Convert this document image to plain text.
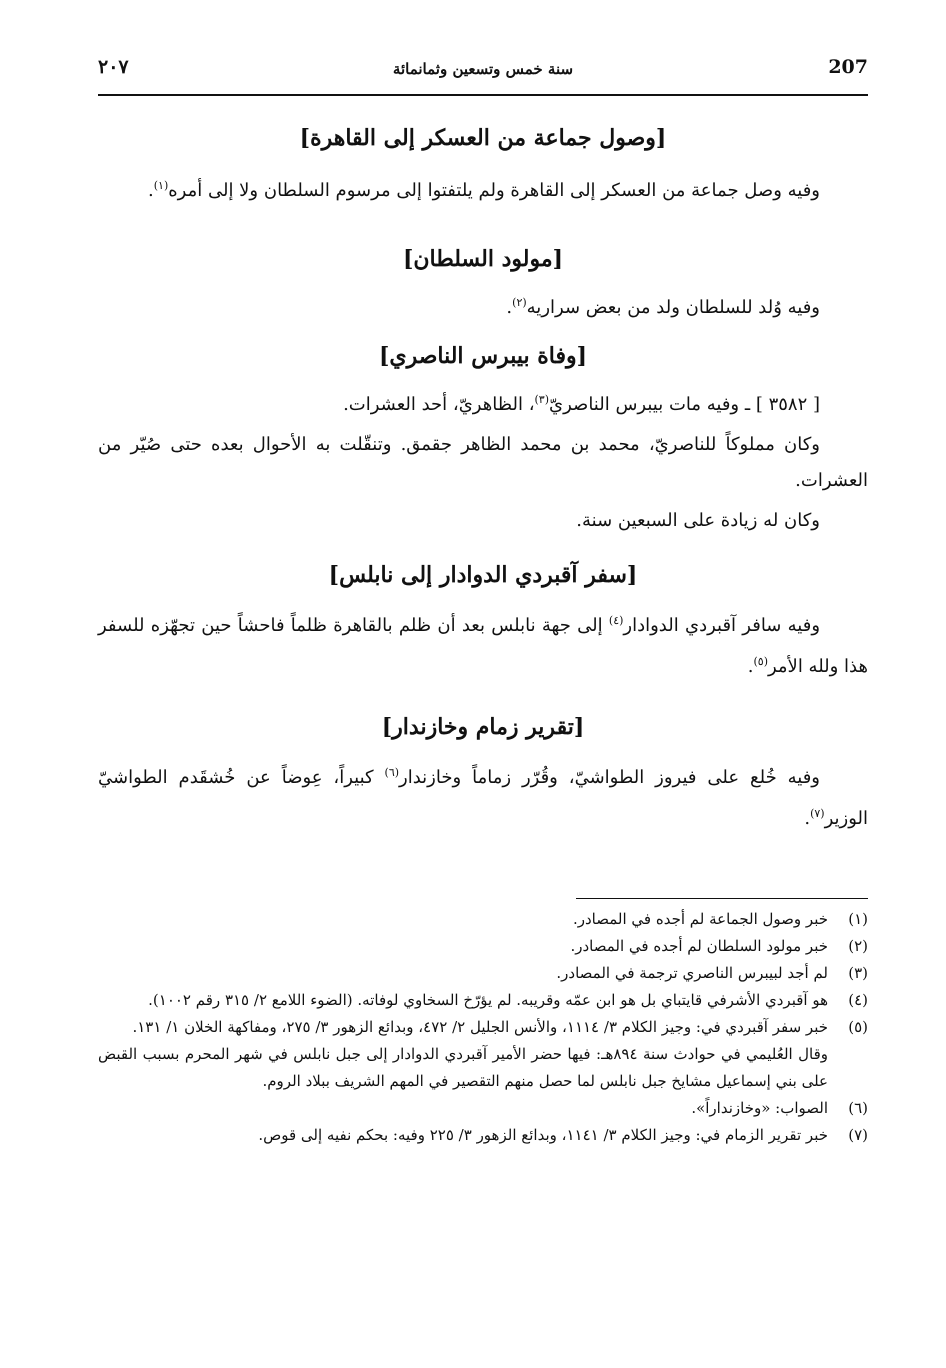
207
سنة خمس وتسعين وثمانمائة
٢٠٧
[وصول جماعة من العسكر إلى القاهرة]

وفيه وصل جماعة من العسكر إلى القاهرة ولم يلتفتوا إلى مرسوم السلطان ولا إلى أمره$^{(١)}$.

[مولود السلطان]

وفيه وُلد للسلطان ولد من بعض سراريه$^{(٢)}$.

[وفاة بيبرس الناصري]

[ ٣٥٨٢ ] ـ وفيه مات بيبرس الناصريّ$^{(٣)}$، الظاهريّ، أحد العشرات.

وكان مملوكاً للناصريّ، محمد بن محمد الظاهر جقمق. وتنقّلت به الأحوال بعده حتى صُيّر من العشرات.

وكان له زيادة على السبعين سنة.

[سفر آقبردي الدوادار إلى نابلس]

وفيه سافر آقبردي الدوادار$^{(٤)}$ إلى جهة نابلس بعد أن ظلم بالقاهرة ظلماً فاحشاً حين تجهّزه للسفر هذا ولله الأمر$^{(٥)}$.

[تقرير زمام وخازندار]

وفيه خُلع على فيروز الطواشيّ، وقُرّر زماماً وخازندار$^{(٦)}$ كبيراً، عِوضاً عن خُشقَدم الطواشيّ الوزير$^{(٧)}$.

(١)
خبر وصول الجماعة لم أجده في المصادر.
(٢)
خبر مولود السلطان لم أجده في المصادر.
(٣)
لم أجد لبيبرس الناصري ترجمة في المصادر.
(٤)
هو آقبردي الأشرفي قايتباي بل هو ابن عمّه وقريبه. لم يؤرّخ السخاوي لوفاته. (الضوء اللامع ٢/ ٣١٥ رقم ١٠٠٢).
(٥)
خبر سفر آقبردي في: وجيز الكلام ٣/ ١١١٤، والأنس الجليل ٢/ ٤٧٢، وبدائع الزهور ٣/ ٢٧٥، ومفاكهة الخلان ١/ ١٣١.
وقال العُليمي في حوادث سنة ٨٩٤هـ: فيها حضر الأمير آقبردي الدوادار إلى جبل نابلس في شهر المحرم بسبب القبض على بني إسماعيل مشايخ جبل نابلس لما حصل منهم التقصير في المهم الشريف ببلاد الروم.
(٦)
الصواب: «وخازنداراً».
(٧)
خبر تقرير الزمام في: وجيز الكلام ٣/ ١١٤١، وبدائع الزهور ٣/ ٢٢٥ وفيه: بحكم نفيه إلى قوص.
